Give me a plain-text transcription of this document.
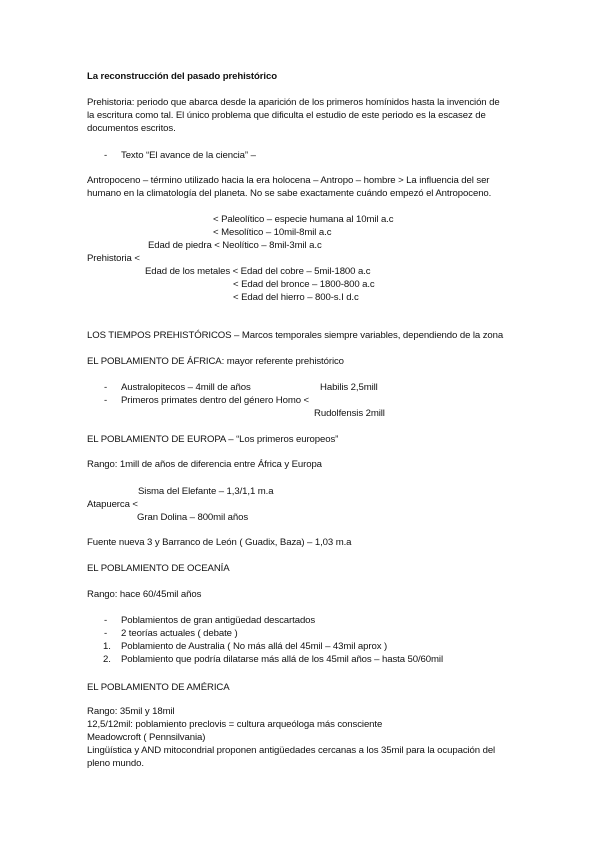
La reconstrucción del pasado prehistórico
Prehistoria: periodo que abarca desde la aparición de los primeros homínidos hasta la invención de
la escritura como tal. El único problema que dificulta el estudio de este periodo es la escasez de
documentos escritos.
- Texto “El avance de la ciencia” –
Antropoceno – término utilizado hacia la era holocena – Antropo – hombre > La influencia del ser
humano en la climatología del planeta. No se sabe exactamente cuándo empezó el Antropoceno.
< Paleolítico – especie humana al 10mil a.c
< Mesolítico – 10mil-8mil a.c
Edad de piedra < Neolítico – 8mil-3mil a.c
Prehistoria <
Edad de los metales < Edad del cobre – 5mil-1800 a.c
< Edad del bronce – 1800-800 a.c
< Edad del hierro – 800-s.I d.c
LOS TIEMPOS PREHISTÓRICOS – Marcos temporales siempre variables, dependiendo de la zona
EL POBLAMIENTO DE ÁFRICA: mayor referente prehistórico
- Australopitecos – 4mill de años	Habilis 2,5mill
- Primeros primates dentro del género Homo <
Rudolfensis 2mill
EL POBLAMIENTO DE EUROPA – “Los primeros europeos”
Rango: 1mill de años de diferencia entre África y Europa
Sisma del Elefante – 1,3/1,1 m.a
Atapuerca <
Gran Dolina – 800mil años
Fuente nueva 3 y Barranco de León ( Guadix, Baza) – 1,03 m.a
EL POBLAMIENTO DE OCEANÍA
Rango: hace 60/45mil años
- Poblamientos de gran antigüedad descartados
- 2 teorías actuales ( debate )
1. Poblamiento de Australia ( No más allá del 45mil – 43mil aprox )
2. Poblamiento que podría dilatarse más allá de los 45mil años – hasta 50/60mil
EL POBLAMIENTO DE AMÉRICA
Rango: 35mil y 18mil
12,5/12mil: poblamiento preclovis = cultura arqueóloga más consciente
Meadowcroft ( Pennsilvania)
Lingüística y AND mitocondrial proponen antigüedades cercanas a los 35mil para la ocupación del
pleno mundo.
